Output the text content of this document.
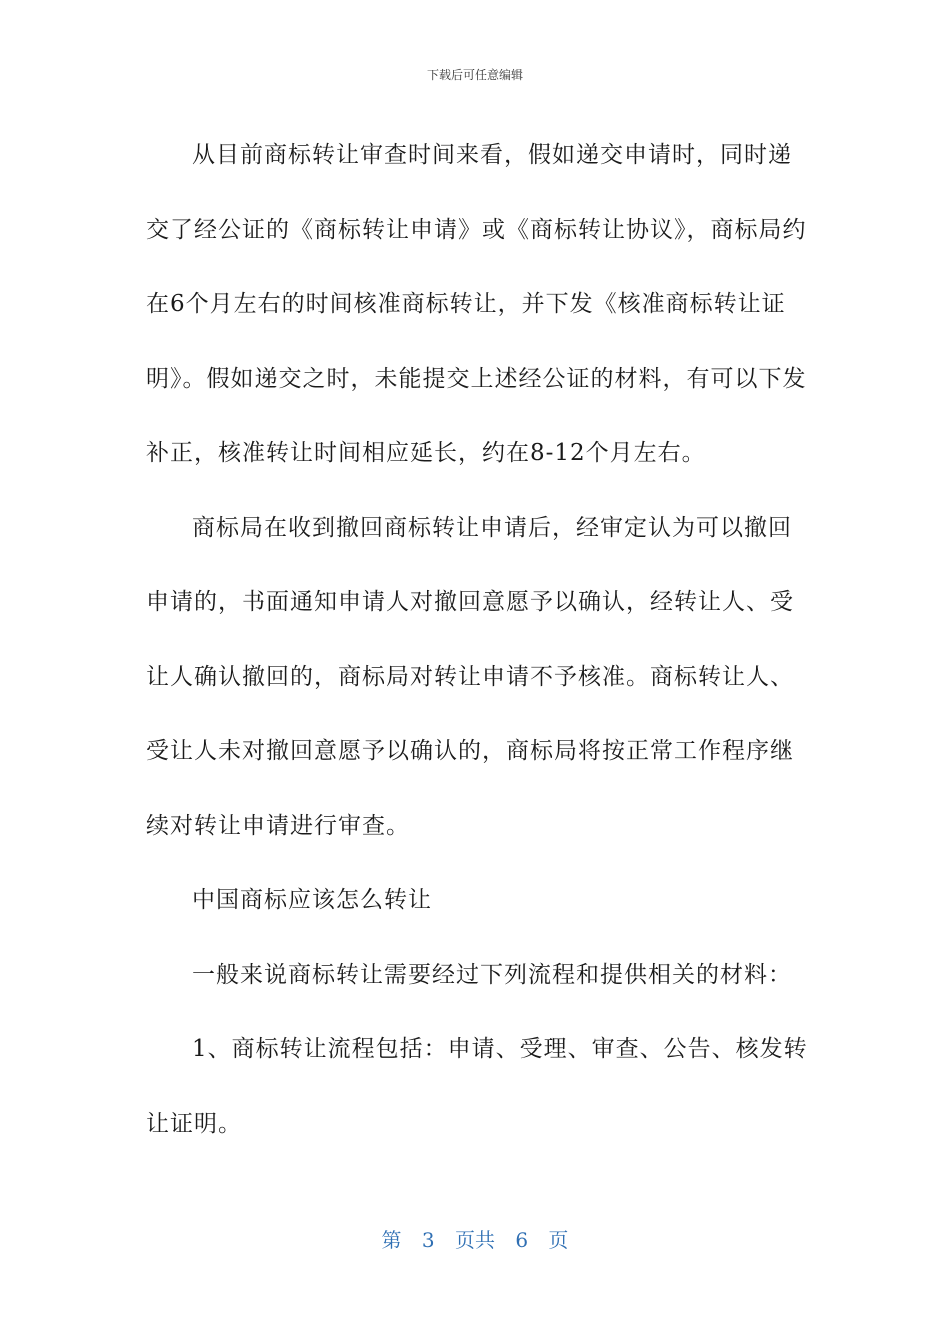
下载后可任意编辑

从目前商标转让审查时间来看，假如递交申请时，同时递交了经公证的《商标转让申请》或《商标转让协议》，商标局约在6个月左右的时间核准商标转让，并下发《核准商标转让证明》。假如递交之时，未能提交上述经公证的材料，有可以下发补正，核准转让时间相应延长，约在8-12个月左右。

商标局在收到撤回商标转让申请后，经审定认为可以撤回申请的，书面通知申请人对撤回意愿予以确认，经转让人、受让人确认撤回的，商标局对转让申请不予核准。商标转让人、受让人未对撤回意愿予以确认的，商标局将按正常工作程序继续对转让申请进行审查。

中国商标应该怎么转让

一般来说商标转让需要经过下列流程和提供相关的材料：

1、商标转让流程包括：申请、受理、审查、公告、核发转让证明。

第 3 页共 6 页
